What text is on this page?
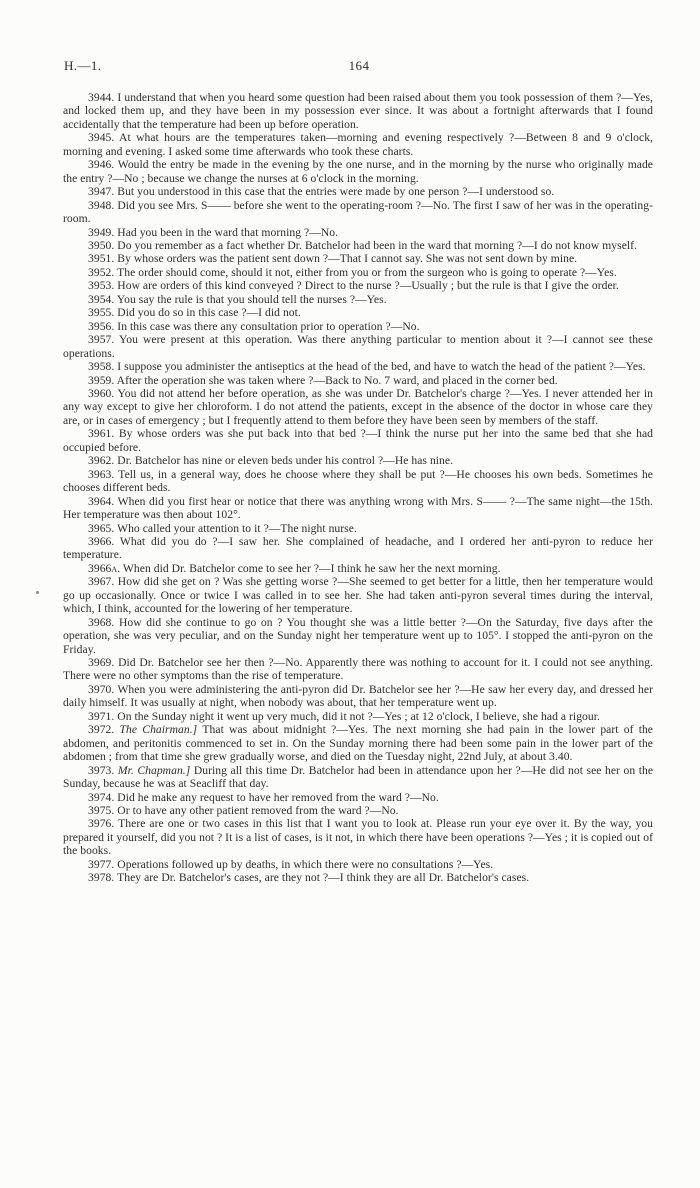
H.—1.	164

3944. I understand that when you heard some question had been raised about them you took possession of them ?—Yes, and locked them up, and they have been in my possession ever since. It was about a fortnight afterwards that I found accidentally that the temperature had been up before operation.

3945. At what hours are the temperatures taken—morning and evening respectively ?—Between 8 and 9 o'clock, morning and evening. I asked some time afterwards who took these charts.

3946. Would the entry be made in the evening by the one nurse, and in the morning by the nurse who originally made the entry ?—No ; because we change the nurses at 6 o'clock in the morning.

3947. But you understood in this case that the entries were made by one person ?—I understood so.

3948. Did you see Mrs. S—— before she went to the operating-room ?—No. The first I saw of her was in the operating-room.

3949. Had you been in the ward that morning ?—No.

3950. Do you remember as a fact whether Dr. Batchelor had been in the ward that morning ?—I do not know myself.

3951. By whose orders was the patient sent down ?—That I cannot say. She was not sent down by mine.

3952. The order should come, should it not, either from you or from the surgeon who is going to operate ?—Yes.

3953. How are orders of this kind conveyed ? Direct to the nurse ?—Usually ; but the rule is that I give the order.

3954. You say the rule is that you should tell the nurses ?—Yes.

3955. Did you do so in this case ?—I did not.

3956. In this case was there any consultation prior to operation ?—No.

3957. You were present at this operation. Was there anything particular to mention about it ?—I cannot see these operations.

3958. I suppose you administer the antiseptics at the head of the bed, and have to watch the head of the patient ?—Yes.

3959. After the operation she was taken where ?—Back to No. 7 ward, and placed in the corner bed.

3960. You did not attend her before operation, as she was under Dr. Batchelor's charge ?—Yes. I never attended her in any way except to give her chloroform. I do not attend the patients, except in the absence of the doctor in whose care they are, or in cases of emergency ; but I frequently attend to them before they have been seen by members of the staff.

3961. By whose orders was she put back into that bed ?—I think the nurse put her into the same bed that she had occupied before.

3962. Dr. Batchelor has nine or eleven beds under his control ?—He has nine.

3963. Tell us, in a general way, does he choose where they shall be put ?—He chooses his own beds. Sometimes he chooses different beds.

3964. When did you first hear or notice that there was anything wrong with Mrs. S—— ?—The same night—the 15th. Her temperature was then about 102°.

3965. Who called your attention to it ?—The night nurse.

3966. What did you do ?—I saw her. She complained of headache, and I ordered her anti-pyron to reduce her temperature.

3966a. When did Dr. Batchelor come to see her ?—I think he saw her the next morning.

3967. How did she get on ? Was she getting worse ?—She seemed to get better for a little, then her temperature would go up occasionally. Once or twice I was called in to see her. She had taken anti-pyron several times during the interval, which, I think, accounted for the lowering of her temperature.

3968. How did she continue to go on ? You thought she was a little better ?—On the Saturday, five days after the operation, she was very peculiar, and on the Sunday night her temperature went up to 105°. I stopped the anti-pyron on the Friday.

3969. Did Dr. Batchelor see her then ?—No. Apparently there was nothing to account for it. I could not see anything. There were no other symptoms than the rise of temperature.

3970. When you were administering the anti-pyron did Dr. Batchelor see her ?—He saw her every day, and dressed her daily himself. It was usually at night, when nobody was about, that her temperature went up.

3971. On the Sunday night it went up very much, did it not ?—Yes ; at 12 o'clock, I believe, she had a rigour.

3972. The Chairman.] That was about midnight ?—Yes. The next morning she had pain in the lower part of the abdomen, and peritonitis commenced to set in. On the Sunday morning there had been some pain in the lower part of the abdomen ; from that time she grew gradually worse, and died on the Tuesday night, 22nd July, at about 3.40.

3973. Mr. Chapman.] During all this time Dr. Batchelor had been in attendance upon her ?—He did not see her on the Sunday, because he was at Seacliff that day.

3974. Did he make any request to have her removed from the ward ?—No.

3975. Or to have any other patient removed from the ward ?—No.

3976. There are one or two cases in this list that I want you to look at. Please run your eye over it. By the way, you prepared it yourself, did you not ? It is a list of cases, is it not, in which there have been operations ?—Yes ; it is copied out of the books.

3977. Operations followed up by deaths, in which there were no consultations ?—Yes.

3978. They are Dr. Batchelor's cases, are they not ?—I think they are all Dr. Batchelor's cases.
